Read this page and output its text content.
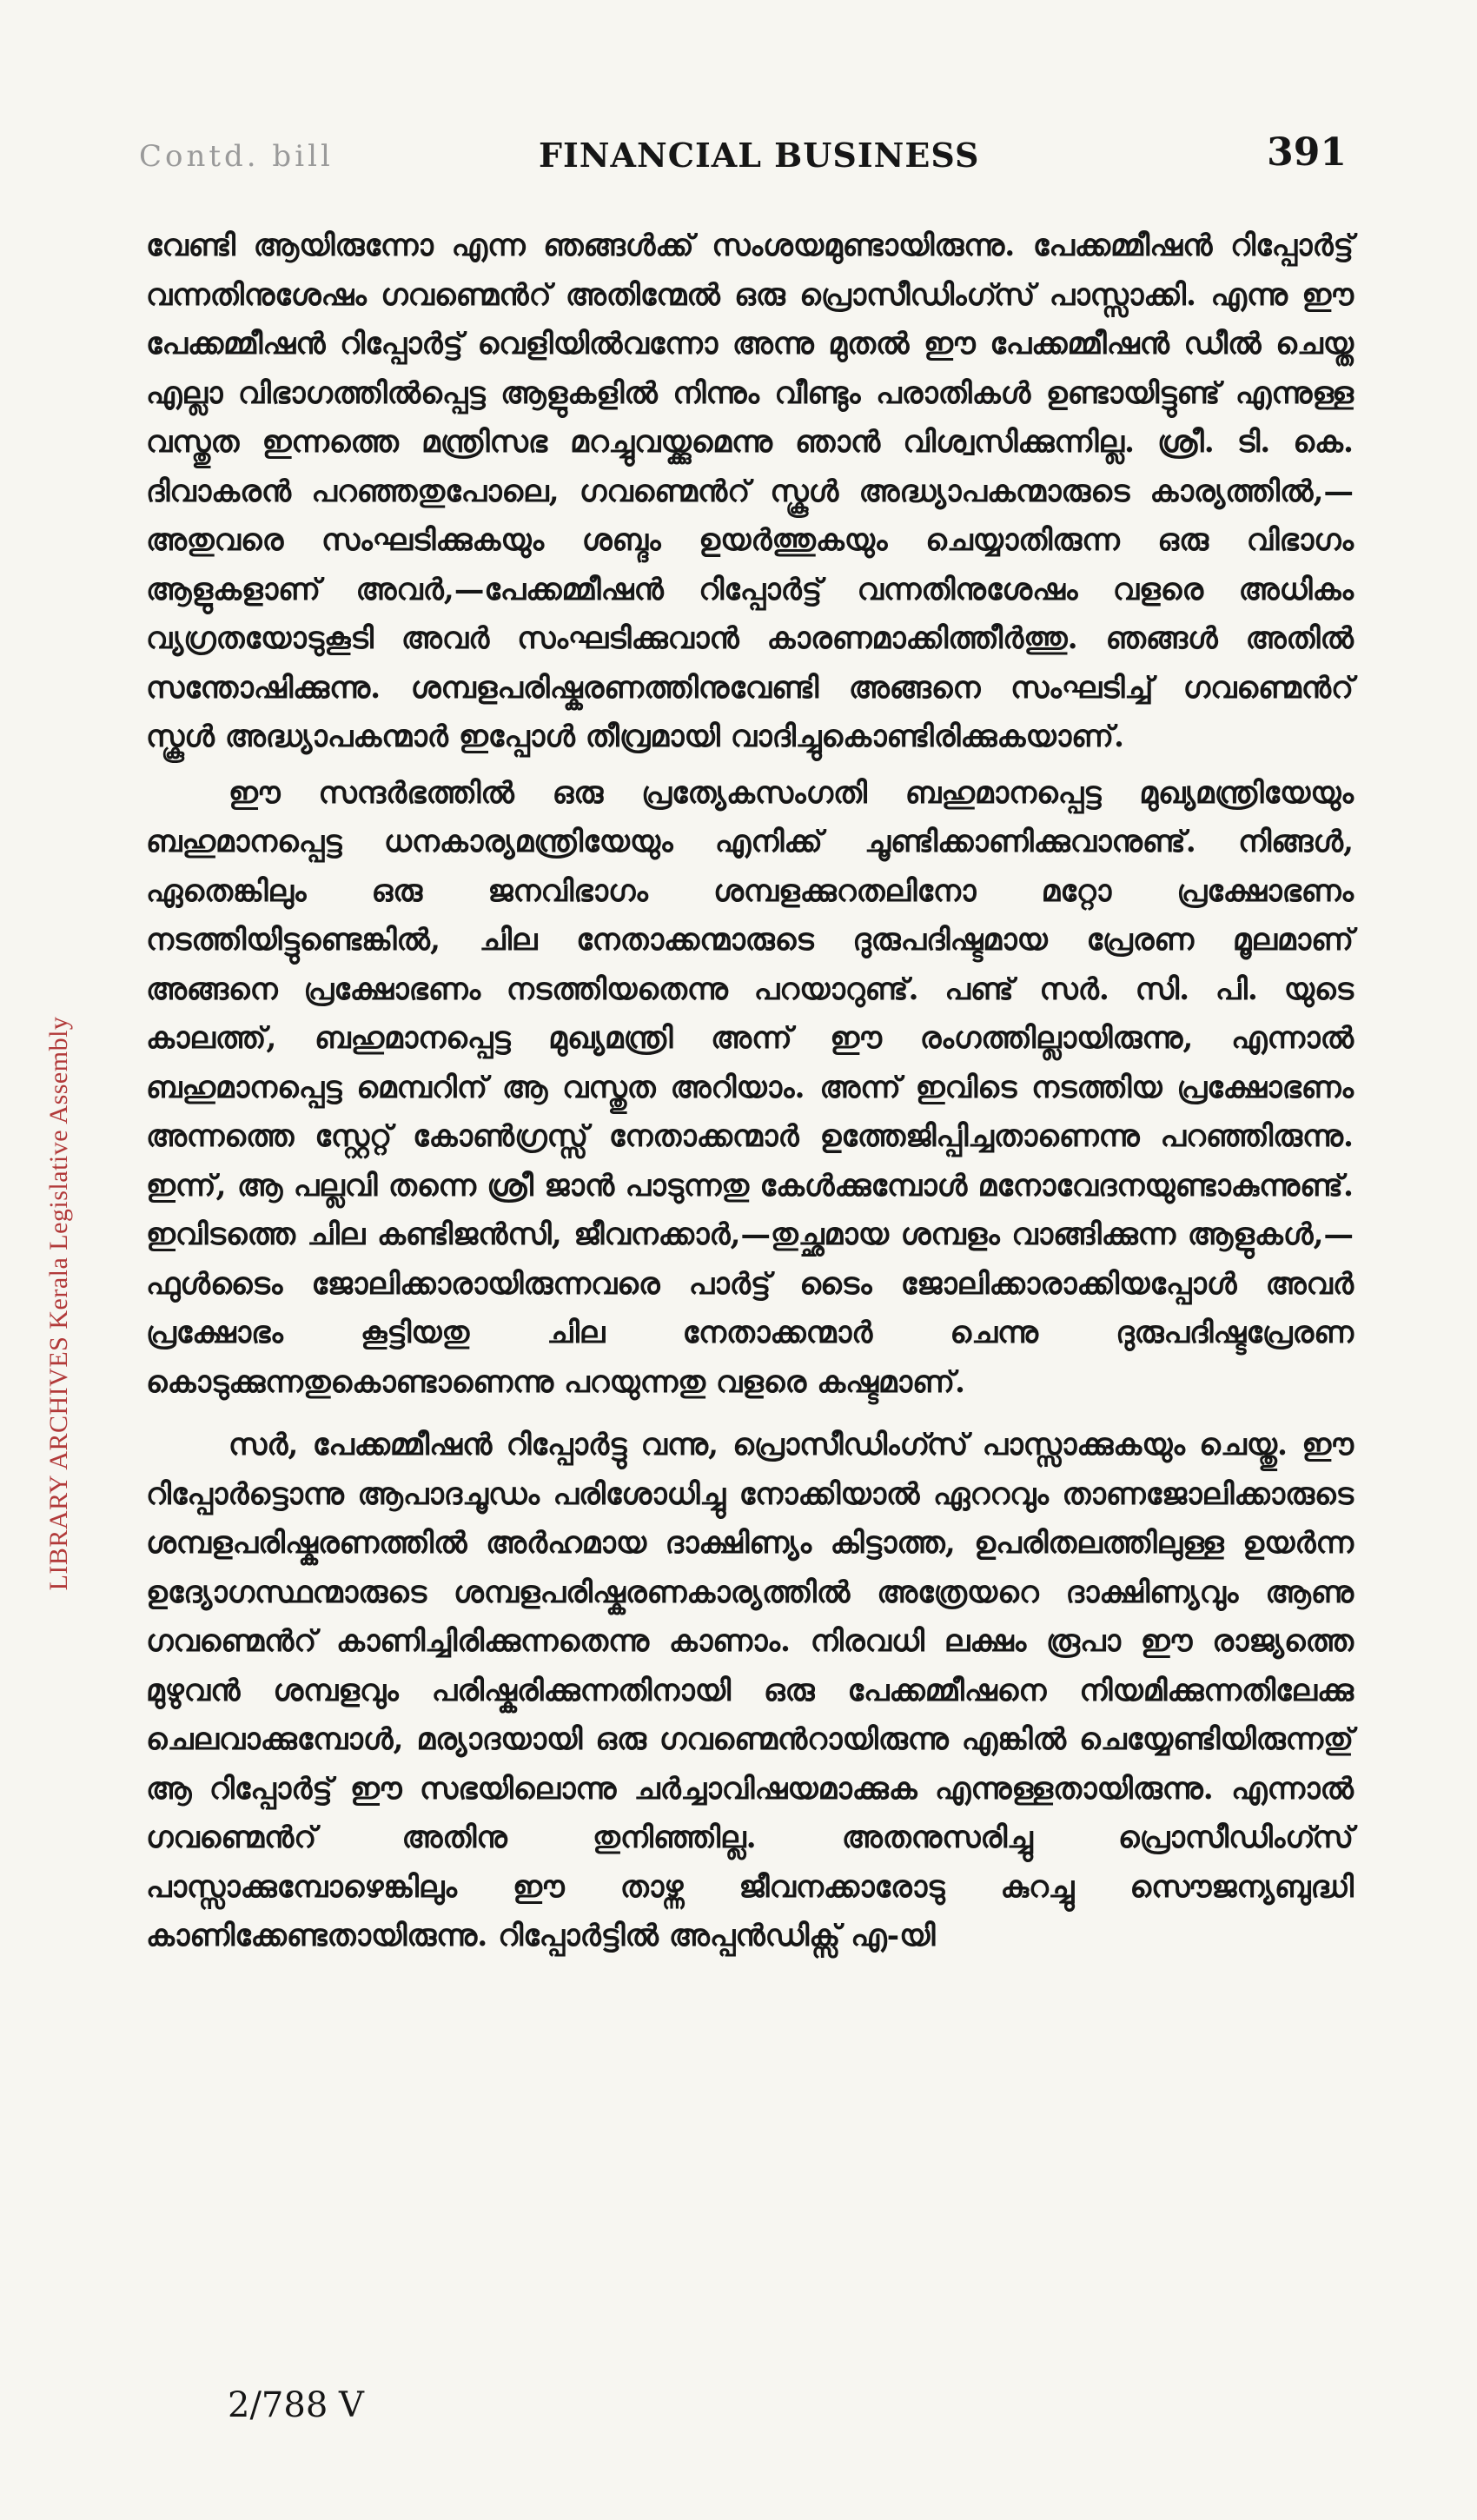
Contd. bill	FINANCIAL BUSINESS	391

വേണ്ടി ആയിരുന്നോ എന്ന ഞങ്ങൾക്ക് സംശയമുണ്ടായിരുന്നു. പേക്കമ്മീഷൻ റിപ്പോർട്ട് വന്നതിനുശേഷം ഗവണ്മെൻറ് അതിന്മേൽ ഒരു പ്രൊസീഡിംഗ്സ് പാസ്സാക്കി. എന്നു ഈ പേക്കമ്മീഷൻ റിപ്പോർട്ട് വെളിയിൽവന്നോ അന്നു മുതൽ ഈ പേക്കമ്മീഷൻ ഡീൽ ചെയ്ത എല്ലാ വിഭാഗത്തിൽപ്പെട്ട ആളുകളിൽ നിന്നും വീണ്ടും പരാതികൾ ഉണ്ടായിട്ടുണ്ട് എന്നുള്ള വസ്തുത ഇന്നത്തെ മന്ത്രിസഭ മറച്ചുവയ്ക്കുമെന്നു ഞാൻ വിശ്വസിക്കുന്നില്ല. ശ്രീ. ടി. കെ. ദിവാകരൻ പറഞ്ഞതുപോലെ, ഗവണ്മെൻറ് സ്കൂൾ അദ്ധ്യാപകന്മാരുടെ കാര്യത്തിൽ,—അതുവരെ സംഘടിക്കുകയും ശബ്ദം ഉയർത്തുകയും ചെയ്യാതിരുന്ന ഒരു വിഭാഗം ആളുകളാണ് അവർ,—പേക്കമ്മീഷൻ റിപ്പോർട്ട് വന്നതിനുശേഷം വളരെ അധികം വ്യഗ്രതയോടുകൂടി അവർ സംഘടിക്കുവാൻ കാരണമാക്കിത്തീർത്തു. ഞങ്ങൾ അതിൽ സന്തോഷിക്കുന്നു. ശമ്പളപരിഷ്കരണത്തിനുവേണ്ടി അങ്ങനെ സംഘടിച്ച് ഗവണ്മെൻറ് സ്കൂൾ അദ്ധ്യാപകന്മാർ ഇപ്പോൾ തീവ്രമായി വാദിച്ചുകൊണ്ടിരിക്കുകയാണ്.

ഈ സന്ദർഭത്തിൽ ഒരു പ്രത്യേകസംഗതി ബഹുമാനപ്പെട്ട മുഖ്യമന്ത്രിയേയും ബഹുമാനപ്പെട്ട ധനകാര്യമന്ത്രിയേയും എനിക്ക് ചൂണ്ടിക്കാണിക്കുവാനുണ്ട്. നിങ്ങൾ, ഏതെങ്കിലും ഒരു ജനവിഭാഗം ശമ്പളക്കുറതലിനോ മറ്റോ പ്രക്ഷോഭണം നടത്തിയിട്ടുണ്ടെങ്കിൽ, ചില നേതാക്കന്മാരുടെ ദുരുപദിഷ്ടമായ പ്രേരണ മൂലമാണ് അങ്ങനെ പ്രക്ഷോഭണം നടത്തിയതെന്നു പറയാറുണ്ട്. പണ്ട് സർ. സി. പി. യുടെ കാലത്ത്, ബഹുമാനപ്പെട്ട മുഖ്യമന്ത്രി അന്ന് ഈ രംഗത്തില്ലായിരുന്നു, എന്നാൽ ബഹുമാനപ്പെട്ട മെമ്പറിന് ആ വസ്തുത അറിയാം. അന്ന് ഇവിടെ നടത്തിയ പ്രക്ഷോഭണം അന്നത്തെ സ്റ്റേറ്റ് കോൺഗ്രസ്സ് നേതാക്കന്മാർ ഉത്തേജിപ്പിച്ചതാണെന്നു പറഞ്ഞിരുന്നു. ഇന്ന്, ആ പല്ലവി തന്നെ ശ്രീ ജാൻ പാടുന്നതു കേൾക്കുമ്പോൾ മനോവേദനയുണ്ടാകുന്നുണ്ട്. ഇവിടത്തെ ചില കണ്ടിജൻസി, ജീവനക്കാർ,—തുച്ഛമായ ശമ്പളം വാങ്ങിക്കുന്ന ആളുകൾ,—ഫുൾടൈം ജോലിക്കാരായിരുന്നവരെ പാർട്ട് ടൈം ജോലിക്കാരാക്കിയപ്പോൾ അവർ പ്രക്ഷോഭം കൂട്ടിയതു ചില നേതാക്കന്മാർ ചെന്നു ദുരുപദിഷ്ടപ്രേരണ കൊടുക്കുന്നതുകൊണ്ടാണെന്നു പറയുന്നതു വളരെ കഷ്ടമാണ്.

സർ, പേക്കമ്മീഷൻ റിപ്പോർട്ടു വന്നു, പ്രൊസീഡിംഗ്സ് പാസ്സാക്കുകയും ചെയ്തു. ഈ റിപ്പോർട്ടൊന്നു ആപാദചൂഡം പരിശോധിച്ചു നോക്കിയാൽ ഏററവും താണജോലിക്കാരുടെ ശമ്പളപരിഷ്കരണത്തിൽ അർഹമായ ദാക്ഷിണ്യം കിട്ടാത്ത, ഉപരിതലത്തിലുള്ള ഉയർന്ന ഉദ്യോഗസ്ഥന്മാരുടെ ശമ്പളപരിഷ്കരണകാര്യത്തിൽ അത്രേയറെ ദാക്ഷിണ്യവും ആണു ഗവണ്മെൻറ് കാണിച്ചിരിക്കുന്നതെന്നു കാണാം. നിരവധി ലക്ഷം രൂപാ ഈ രാജ്യത്തെ മുഴുവൻ ശമ്പളവും പരിഷ്കരിക്കുന്നതിനായി ഒരു പേക്കമ്മീഷനെ നിയമിക്കുന്നതിലേക്കു ചെലവാക്കുമ്പോൾ, മര്യാദയായി ഒരു ഗവണ്മെൻറായിരുന്നു എങ്കിൽ ചെയ്യേണ്ടിയിരുന്നതു് ആ റിപ്പോർട്ട് ഈ സഭയിലൊന്നു ചർച്ചാവിഷയമാക്കുക എന്നുള്ളതായിരുന്നു. എന്നാൽ ഗവണ്മെൻറ് അതിനു തുനിഞ്ഞില്ല. അതനുസരിച്ചു പ്രൊസീഡിംഗ്സ് പാസ്സാക്കുമ്പോഴെങ്കിലും ഈ താഴ്ന്ന ജീവനക്കാരോടു കുറച്ചു സൌജന്യബുദ്ധി കാണിക്കേണ്ടതായിരുന്നു. റിപ്പോർട്ടിൽ അപ്പൻഡിക്സ് എ-യി

2/788 V
LIBRARY ARCHIVES Kerala Legislative Assembly
